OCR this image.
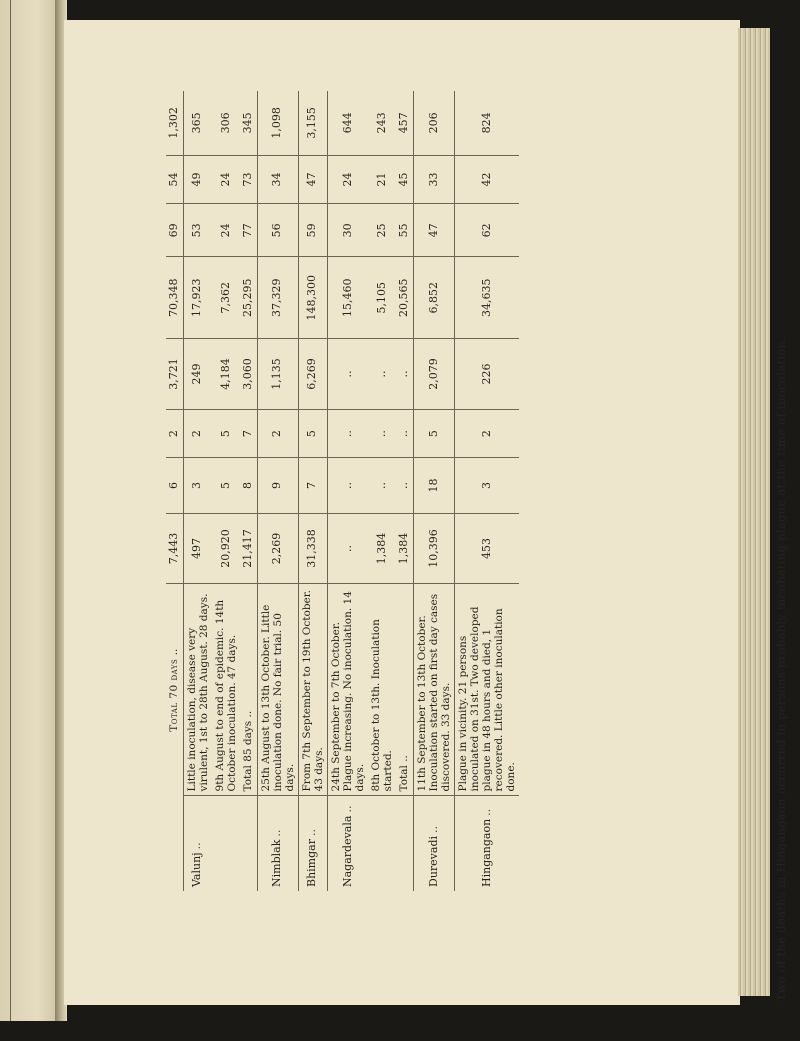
	Total 70 days ..	7,443	6	2	3,721	70,348	69	54	1,302
Valunj..	Little inoculation, disease very virulent, 1st to 28th August. 28 days.	497	3	2	249	17,923	53	49	365
	9th August to end of epidemic. 14th October inoculation. 47 days.	20,920	5	5	4,184	7,362	24	24	306
	Total 85 days ..	21,417	8	7	3,060	25,295	77	73	345
Nimblak..	25th August to 13th October. Little inoculation done. No fair trial. 50 days.	2,269	9	2	1,135	37,329	56	34	1,098
Bhimgar..	From 7th September to 19th October. 43 days.	31,338	7	5	6,269	148,300	59	47	3,155
Nagardevala..	24th September to 7th October. Plague increasing. No inoculation. 14 days.	..	..	..	..	15,460	30	24	644
	8th October to 13th. Inoculation started.	1,384	..	..	..	5,105	25	21	243
	Total ..	1,384	..	..	..	20,565	55	45	457
Durevadi..	11th September to 13th October. Inoculation started on first day cases discovered. 33 days.	10,396	18	5	2,079	6,852	47	33	206
Hingangaon..	Plague in vicinity. 21 persons inoculated on 31st. Two developed plague in 48 hours and died, 1 recovered. Little other inoculation done.	453	3	2	226	34,635	62	42	824
Two of the deaths in Hingangaon occurred in persons probably incubating plague at the time of inoculation.
